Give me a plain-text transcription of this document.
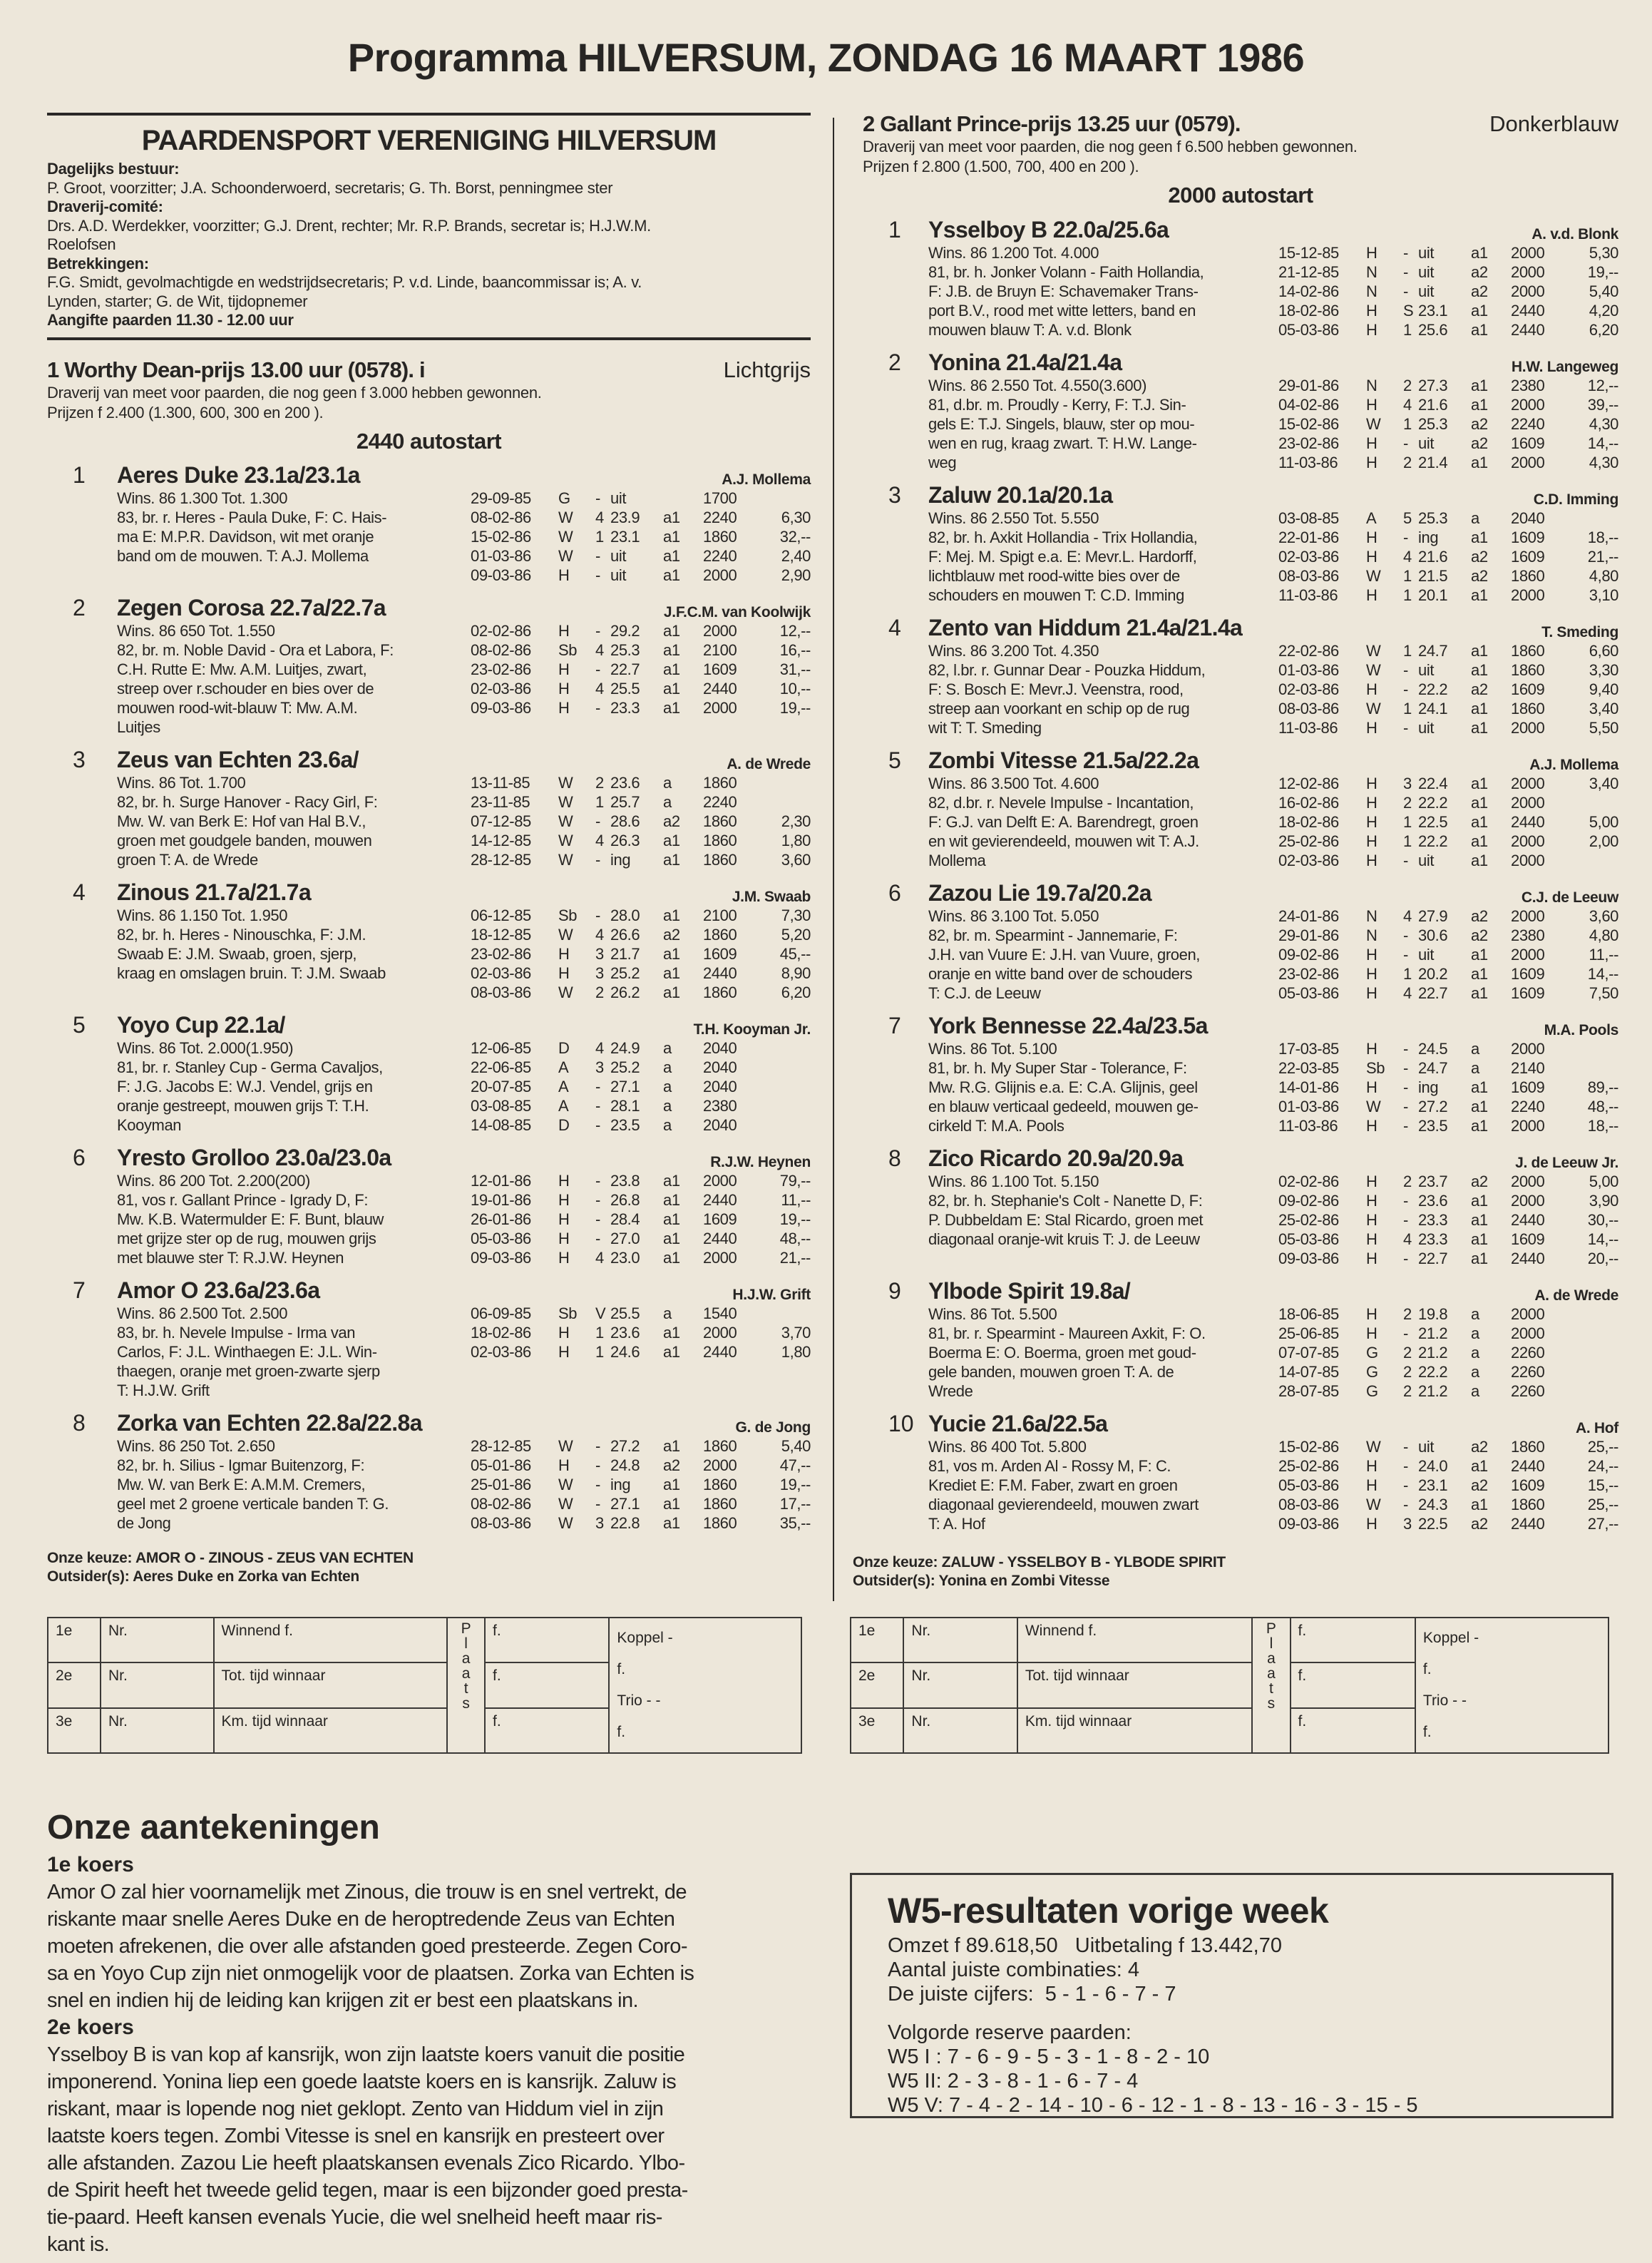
Programma HILVERSUM, ZONDAG 16 MAART 1986
PAARDENSPORT VERENIGING HILVERSUM
Dagelijks bestuur:
P. Groot, voorzitter; J.A. Schoonderwoerd, secretaris; G. Th. Borst, penningmee ster
Draverij-comité:
Drs. A.D. Werdekker, voorzitter; G.J. Drent, rechter; Mr. R.P. Brands, secretar is; H.J.W.M.
Roelofsen
Betrekkingen:
F.G. Smidt, gevolmachtigde en wedstrijdsecretaris; P. v.d. Linde, baancommissar is; A. v.
Lynden, starter; G. de Wit, tijdopnemer
Aangifte paarden 11.30 - 12.00 uur
1 Worthy Dean-prijs 13.00 uur (0578). i	Lichtgrijs
Draverij van meet voor paarden, die nog geen f 3.000 hebben gewonnen.
Prijzen f 2.400 (1.300, 600, 300 en 200 ).
2440 autostart
1 Aeres Duke 23.1a/23.1a	A.J. Mollema
Wins. 86 1.300 Tot. 1.300
83, br. r. Heres - Paula Duke, F: C. Hais-
ma E: M.P.R. Davidson, wit met oranje
band om de mouwen. T: A.J. Mollema
29-09-85	G	- uit	1700
08-02-86	W	4 23.9	a1	2240	6,30
15-02-86	W	1 23.1	a1	1860	32,--
01-03-86	W	- uit	a1	2240	2,40
09-03-86	H	- uit	a1	2000	2,90
2 Zegen Corosa 22.7a/22.7a	J.F.C.M. van Koolwijk
Wins. 86 650 Tot. 1.550
82, br. m. Noble David - Ora et Labora, F:
C.H. Rutte E: Mw. A.M. Luitjes, zwart,
streep over r.schouder en bies over de
mouwen rood-wit-blauw T: Mw. A.M.
Luitjes
02-02-86	H	- 29.2	a1	2000	12,--
08-02-86	Sb	4 25.3	a1	2100	16,--
23-02-86	H	- 22.7	a1	1609	31,--
02-03-86	H	4 25.5	a1	2440	10,--
09-03-86	H	- 23.3	a1	2000	19,--
3 Zeus van Echten 23.6a/	A. de Wrede
Wins. 86 Tot. 1.700
82, br. h. Surge Hanover - Racy Girl, F:
Mw. W. van Berk E: Hof van Hal B.V.,
groen met goudgele banden, mouwen
groen T: A. de Wrede
13-11-85	W	2 23.6	a	1860
23-11-85	W	1 25.7	a	2240
07-12-85	W	- 28.6	a2	1860	2,30
14-12-85	W	4 26.3	a1	1860	1,80
28-12-85	W	- ing	a1	1860	3,60
4 Zinous 21.7a/21.7a	J.M. Swaab
Wins. 86 1.150 Tot. 1.950
82, br. h. Heres - Ninouschka, F: J.M.
Swaab E: J.M. Swaab, groen, sjerp,
kraag en omslagen bruin. T: J.M. Swaab
06-12-85	Sb	- 28.0	a1	2100	7,30
18-12-85	W	4 26.6	a2	1860	5,20
23-02-86	H	3 21.7	a1	1609	45,--
02-03-86	H	3 25.2	a1	2440	8,90
08-03-86	W	2 26.2	a1	1860	6,20
5 Yoyo Cup 22.1a/	T.H. Kooyman Jr.
Wins. 86 Tot. 2.000(1.950)
81, br. r. Stanley Cup - Germa Cavaljos,
F: J.G. Jacobs E: W.J. Vendel, grijs en
oranje gestreept, mouwen grijs T: T.H.
Kooyman
12-06-85	D	4 24.9	a	2040
22-06-85	A	3 25.2	a	2040
20-07-85	A	- 27.1	a	2040
03-08-85	A	- 28.1	a	2380
14-08-85	D	- 23.5	a	2040
6 Yresto Grolloo 23.0a/23.0a	R.J.W. Heynen
Wins. 86 200 Tot. 2.200(200)
81, vos r. Gallant Prince - Igrady D, F:
Mw. K.B. Watermulder E: F. Bunt, blauw
met grijze ster op de rug, mouwen grijs
met blauwe ster T: R.J.W. Heynen
12-01-86	H	- 23.8	a1	2000	79,--
19-01-86	H	- 26.8	a1	2440	11,--
26-01-86	H	- 28.4	a1	1609	19,--
05-03-86	H	- 27.0	a1	2440	48,--
09-03-86	H	4 23.0	a1	2000	21,--
7 Amor O 23.6a/23.6a	H.J.W. Grift
Wins. 86 2.500 Tot. 2.500
83, br. h. Nevele Impulse - Irma van
Carlos, F: J.L. Winthaegen E: J.L. Win-
thaegen, oranje met groen-zwarte sjerp
T: H.J.W. Grift
06-09-85	Sb	V 25.5	a	1540
18-02-86	H	1 23.6	a1	2000	3,70
02-03-86	H	1 24.6	a1	2440	1,80
8 Zorka van Echten 22.8a/22.8a	G. de Jong
Wins. 86 250 Tot. 2.650
82, br. h. Silius - Igmar Buitenzorg, F:
Mw. W. van Berk E: A.M.M. Cremers,
geel met 2 groene verticale banden T: G.
de Jong
28-12-85	W	- 27.2	a1	1860	5,40
05-01-86	H	- 24.8	a2	2000	47,--
25-01-86	W	- ing	a1	1860	19,--
08-02-86	W	- 27.1	a1	1860	17,--
08-03-86	W	3 22.8	a1	1860	35,--
Onze keuze: AMOR O - ZINOUS - ZEUS VAN ECHTEN
Outsider(s): Aeres Duke en Zorka van Echten
2 Gallant Prince-prijs 13.25 uur (0579).	Donkerblauw
Draverij van meet voor paarden, die nog geen f 6.500 hebben gewonnen.
Prijzen f 2.800 (1.500, 700, 400 en 200 ).
2000 autostart
1 Ysselboy B 22.0a/25.6a	A. v.d. Blonk
Wins. 86 1.200 Tot. 4.000
81, br. h. Jonker Volann - Faith Hollandia,
F: J.B. de Bruyn E: Schavemaker Trans-
port B.V., rood met witte letters, band en
mouwen blauw T: A. v.d. Blonk
15-12-85	H	- uit	a1	2000	5,30
21-12-85	N	- uit	a2	2000	19,--
14-02-86	N	- uit	a2	2000	5,40
18-02-86	H	S 23.1	a1	2440	4,20
05-03-86	H	1 25.6	a1	2440	6,20
2 Yonina 21.4a/21.4a	H.W. Langeweg
Wins. 86 2.550 Tot. 4.550(3.600)
81, d.br. m. Proudly - Kerry, F: T.J. Sin-
gels E: T.J. Singels, blauw, ster op mou-
wen en rug, kraag zwart. T: H.W. Lange-
weg
29-01-86	N	2 27.3	a1	2380	12,--
04-02-86	H	4 21.6	a1	2000	39,--
15-02-86	W	1 25.3	a2	2240	4,30
23-02-86	H	- uit	a2	1609	14,--
11-03-86	H	2 21.4	a1	2000	4,30
3 Zaluw 20.1a/20.1a	C.D. Imming
Wins. 86 2.550 Tot. 5.550
82, br. h. Axkit Hollandia - Trix Hollandia,
F: Mej. M. Spigt e.a. E: Mevr.L. Hardorff,
lichtblauw met rood-witte bies over de
schouders en mouwen T: C.D. Imming
03-08-85	A	5 25.3	a	2040
22-01-86	H	- ing	a1	1609	18,--
02-03-86	H	4 21.6	a2	1609	21,--
08-03-86	W	1 21.5	a2	1860	4,80
11-03-86	H	1 20.1	a1	2000	3,10
4 Zento van Hiddum 21.4a/21.4a	T. Smeding
Wins. 86 3.200 Tot. 4.350
82, l.br. r. Gunnar Dear - Pouzka Hiddum,
F: S. Bosch E: Mevr.J. Veenstra, rood,
streep aan voorkant en schip op de rug
wit T: T. Smeding
22-02-86	W	1 24.7	a1	1860	6,60
01-03-86	W	- uit	a1	1860	3,30
02-03-86	H	- 22.2	a2	1609	9,40
08-03-86	W	1 24.1	a1	1860	3,40
11-03-86	H	- uit	a1	2000	5,50
5 Zombi Vitesse 21.5a/22.2a	A.J. Mollema
Wins. 86 3.500 Tot. 4.600
82, d.br. r. Nevele Impulse - Incantation,
F: G.J. van Delft E: A. Barendregt, groen
en wit gevierendeeld, mouwen wit T: A.J.
Mollema
12-02-86	H	3 22.4	a1	2000	3,40
16-02-86	H	2 22.2	a1	2000
18-02-86	H	1 22.5	a1	2440	5,00
25-02-86	H	1 22.2	a1	2000	2,00
02-03-86	H	- uit	a1	2000
6 Zazou Lie 19.7a/20.2a	C.J. de Leeuw
Wins. 86 3.100 Tot. 5.050
82, br. m. Spearmint - Jannemarie, F:
J.H. van Vuure E: J.H. van Vuure, groen,
oranje en witte band over de schouders
T: C.J. de Leeuw
24-01-86	N	4 27.9	a2	2000	3,60
29-01-86	N	- 30.6	a2	2380	4,80
09-02-86	H	- uit	a1	2000	11,--
23-02-86	H	1 20.2	a1	1609	14,--
05-03-86	H	4 22.7	a1	1609	7,50
7 York Bennesse 22.4a/23.5a	M.A. Pools
Wins. 86 Tot. 5.100
81, br. h. My Super Star - Tolerance, F:
Mw. R.G. Glijnis e.a. E: C.A. Glijnis, geel
en blauw verticaal gedeeld, mouwen ge-
cirkeld T: M.A. Pools
17-03-85	H	- 24.5	a	2000
22-03-85	Sb	- 24.7	a	2140
14-01-86	H	- ing	a1	1609	89,--
01-03-86	W	- 27.2	a1	2240	48,--
11-03-86	H	- 23.5	a1	2000	18,--
8 Zico Ricardo 20.9a/20.9a	J. de Leeuw Jr.
Wins. 86 1.100 Tot. 5.150
82, br. h. Stephanie's Colt - Nanette D, F:
P. Dubbeldam E: Stal Ricardo, groen met
diagonaal oranje-wit kruis T: J. de Leeuw
02-02-86	H	2 23.7	a2	2000	5,00
09-02-86	H	- 23.6	a1	2000	3,90
25-02-86	H	- 23.3	a1	2440	30,--
05-03-86	H	4 23.3	a1	1609	14,--
09-03-86	H	- 22.7	a1	2440	20,--
9 Ylbode Spirit 19.8a/	A. de Wrede
Wins. 86 Tot. 5.500
81, br. r. Spearmint - Maureen Axkit, F: O.
Boerma E: O. Boerma, groen met goud-
gele banden, mouwen groen T: A. de
Wrede
18-06-85	H	2 19.8	a	2000
25-06-85	H	- 21.2	a	2000
07-07-85	G	2 21.2	a	2260
14-07-85	G	2 22.2	a	2260
28-07-85	G	2 21.2	a	2260
10 Yucie 21.6a/22.5a	A. Hof
Wins. 86 400 Tot. 5.800
81, vos m. Arden Al - Rossy M, F: C.
Krediet E: F.M. Faber, zwart en groen
diagonaal gevierendeeld, mouwen zwart
T: A. Hof
15-02-86	W	- uit	a2	1860	25,--
25-02-86	H	- 24.0	a1	2440	24,--
05-03-86	H	- 23.1	a2	1609	15,--
08-03-86	W	- 24.3	a1	1860	25,--
09-03-86	H	3 22.5	a2	2440	27,--
Onze keuze: ZALUW - YSSELBOY B - YLBODE SPIRIT
Outsider(s): Yonina en Zombi Vitesse
1e	Nr.	Winnend f.	P l a a t s	f.	Koppel -
f.
Trio - -
f.

2e	Nr.	Tot. tijd winnaar		f.	
3e	Nr.	Km. tijd winnaar		f.	
1e	Nr.	Winnend f.	P l a a t s	f.	Koppel -
f.
Trio - -
f.

2e	Nr.	Tot. tijd winnaar		f.	
3e	Nr.	Km. tijd winnaar		f.	
Onze aantekeningen
1e koers

Amor O zal hier voornamelijk met Zinous, die trouw is en snel vertrekt, de

riskante maar snelle Aeres Duke en de heroptredende Zeus van Echten

moeten afrekenen, die over alle afstanden goed presteerde. Zegen Coro-

sa en Yoyo Cup zijn niet onmogelijk voor de plaatsen. Zorka van Echten is

snel en indien hij de leiding kan krijgen zit er best een plaatskans in.

2e koers

Ysselboy B is van kop af kansrijk, won zijn laatste koers vanuit die positie

imponerend. Yonina liep een goede laatste koers en is kansrijk. Zaluw is

riskant, maar is lopende nog niet geklopt. Zento van Hiddum viel in zijn

laatste koers tegen. Zombi Vitesse is snel en kansrijk en presteert over

alle afstanden. Zazou Lie heeft plaatskansen evenals Zico Ricardo. Ylbo-

de Spirit heeft het tweede gelid tegen, maar is een bijzonder goed presta-

tie-paard. Heeft kansen evenals Yucie, die wel snelheid heeft maar ris-

kant is.

W5-resultaten vorige week

Omzet f 89.618,50   Uitbetaling f 13.442,70

Aantal juiste combinaties: 4

De juiste cijfers:  5 - 1 - 6 - 7 - 7

Volgorde reserve paarden:

W5 I : 7 - 6 - 9 - 5 - 3 - 1 - 8 - 2 - 10

W5 II: 2 - 3 - 8 - 1 - 6 - 7 - 4

W5 V: 7 - 4 - 2 - 14 - 10 - 6 - 12 - 1 - 8 - 13 - 16 - 3 - 15 - 5
